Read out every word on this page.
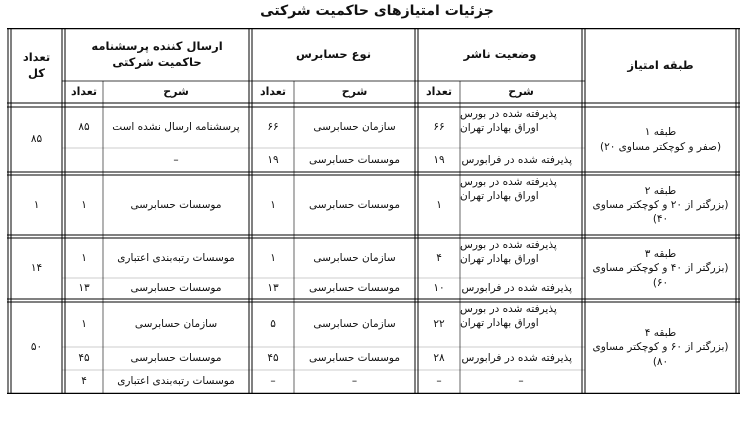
جزئیات امتیازهای حاکمیت شرکتی
طبقه امتیاز
وضعیت ناشر
نوع حسابرس
ارسال کننده پرسشنامه حاکمیت شرکتی
تعداد کل
شرح
تعداد
شرح
تعداد
شرح
تعداد
طبقه ۱
(صفر و کوچکتر مساوی ۲۰)
پذیرفته شده در بورس
اوراق بهادار تهران
۶۶
پذیرفته شده در فرابورس
۱۹
سازمان حسابرسی
۶۶
موسسات حسابرسی
۱۹
پرسشنامه ارسال نشده است
۸۵
–
۸۵
طبقه ۲
(بزرگتر از ۲۰ و کوچکتر مساوی
۴۰)
پذیرفته شده در بورس
اوراق بهادار تهران
۱
موسسات حسابرسی
۱
موسسات حسابرسی
۱
۱
طبقه ۳
(بزرگتر از ۴۰ و کوچکتر مساوی
۶۰)
پذیرفته شده در بورس
اوراق بهادار تهران
۴
پذیرفته شده در فرابورس
۱۰
سازمان حسابرسی
۱
موسسات حسابرسی
۱۳
موسسات رتبه‌بندی اعتباری
۱
موسسات حسابرسی
۱۳
۱۴
طبقه ۴
(بزرگتر از ۶۰ و کوچکتر مساوی
۸۰)
پذیرفته شده در بورس
اوراق بهادار تهران
۲۲
پذیرفته شده در فرابورس
۲۸
–
–
سازمان حسابرسی
۵
موسسات حسابرسی
۴۵
–
–
سازمان حسابرسی
۱
موسسات حسابرسی
۴۵
موسسات رتبه‌بندی اعتباری
۴
۵۰
